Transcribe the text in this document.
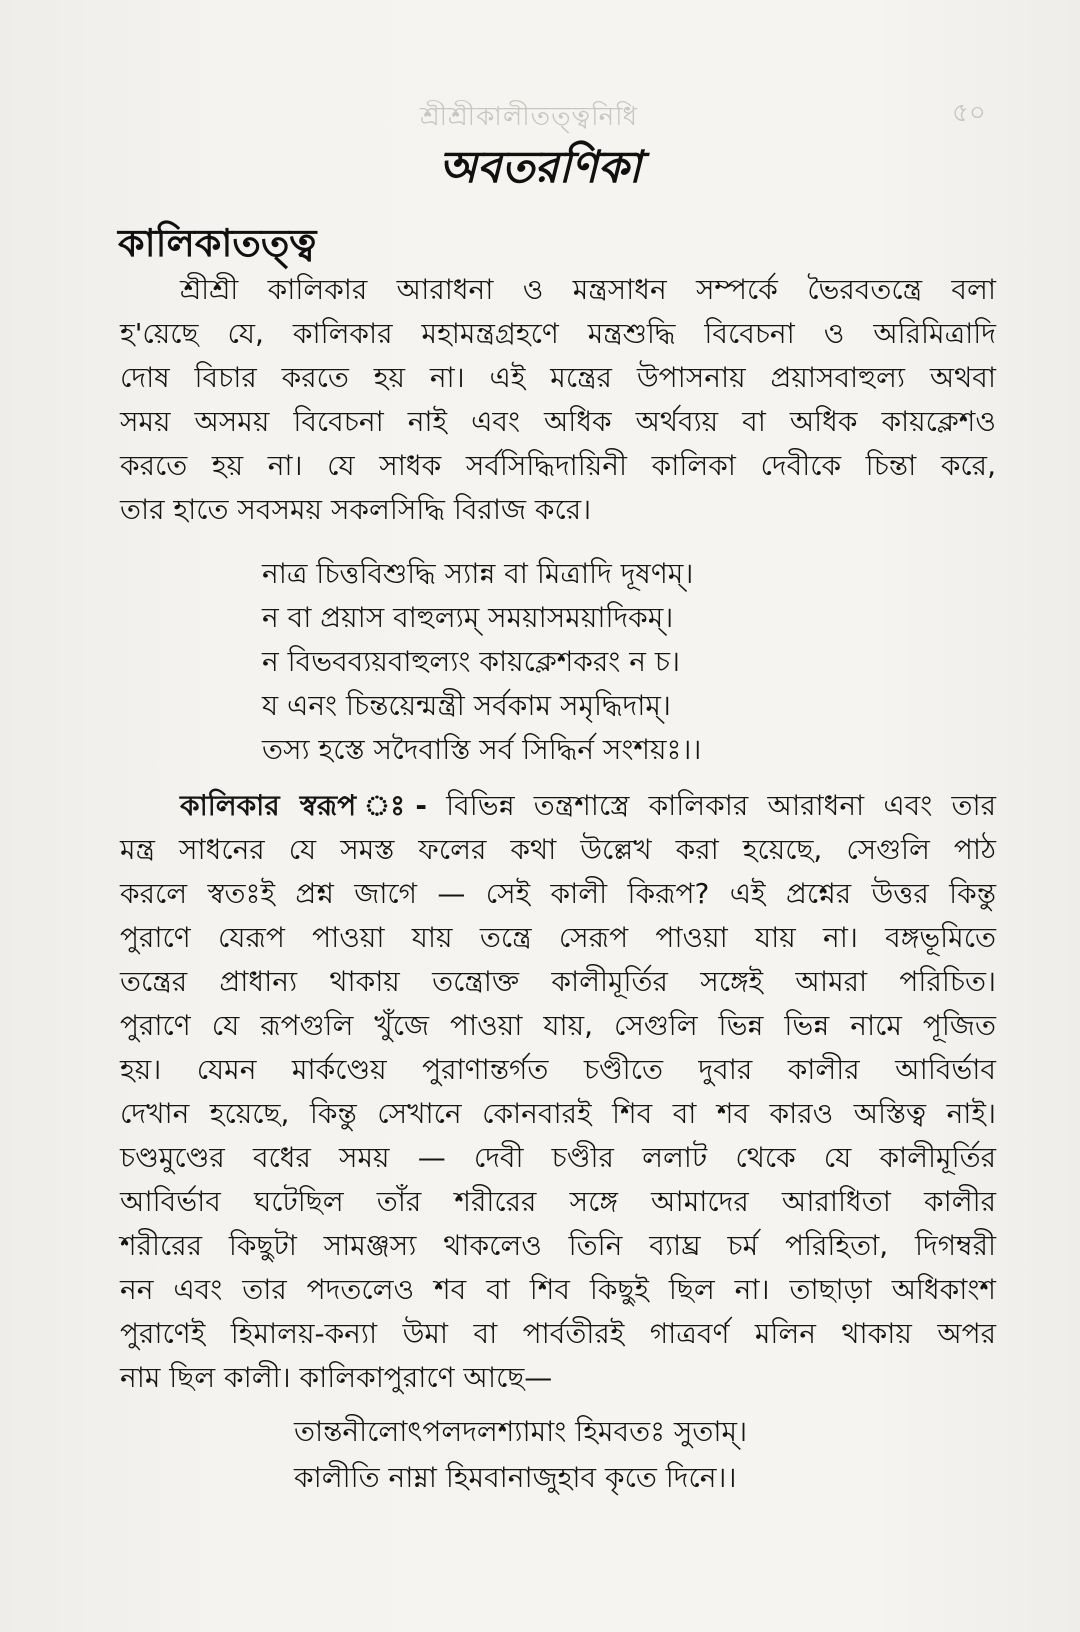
শ্রীশ্রীকালীতত্ত্বনিধি	৫০
অবতরণিকা
কালিকাতত্ত্ব
শ্রীশ্রী কালিকার আরাধনা ও মন্ত্রসাধন সম্পর্কে ভৈরবতন্ত্রে বলা
হ'য়েছে যে, কালিকার মহামন্ত্রগ্রহণে মন্ত্রশুদ্ধি বিবেচনা ও অরিমিত্রাদি
দোষ বিচার করতে হয় না। এই মন্ত্রের উপাসনায় প্রয়াসবাহুল্য অথবা
সময় অসময় বিবেচনা নাই এবং অধিক অর্থব্যয় বা অধিক কায়ক্লেশও
করতে হয় না। যে সাধক সর্বসিদ্ধিদায়িনী কালিকা দেবীকে চিন্তা করে,
তার হাতে সবসময় সকলসিদ্ধি বিরাজ করে।
নাত্র চিত্তবিশুদ্ধি স্যান্ন বা মিত্রাদি দূষণম্।
ন বা প্রয়াস বাহুল্যম্ সময়াসময়াদিকম্।
ন বিভবব্যয়বাহুল্যং কায়ক্লেশকরং ন চ।
য এনং চিন্তয়েন্মন্ত্রী সর্বকাম সমৃদ্ধিদাম্।
তস্য হস্তে সদৈবাস্তি সর্ব সিদ্ধির্ন সংশয়ঃ।।
কালিকার স্বরূপ ঃ- বিভিন্ন তন্ত্রশাস্ত্রে কালিকার আরাধনা এবং তার
মন্ত্র সাধনের যে সমস্ত ফলের কথা উল্লেখ করা হয়েছে, সেগুলি পাঠ
করলে স্বতঃই প্রশ্ন জাগে — সেই কালী কিরূপ? এই প্রশ্নের উত্তর কিন্তু
পুরাণে যেরূপ পাওয়া যায় তন্ত্রে সেরূপ পাওয়া যায় না। বঙ্গভূমিতে
তন্ত্রের প্রাধান্য থাকায় তন্ত্রোক্ত কালীমূর্তির সঙ্গেই আমরা পরিচিত।
পুরাণে যে রূপগুলি খুঁজে পাওয়া যায়, সেগুলি ভিন্ন ভিন্ন নামে পূজিত
হয়। যেমন মার্কণ্ডেয় পুরাণান্তর্গত চণ্ডীতে দুবার কালীর আবির্ভাব
দেখান হয়েছে, কিন্তু সেখানে কোনবারই শিব বা শব কারও অস্তিত্ব নাই।
চণ্ডমুণ্ডের বধের সময় — দেবী চণ্ডীর ললাট থেকে যে কালীমূর্তির
আবির্ভাব ঘটেছিল তাঁর শরীরের সঙ্গে আমাদের আরাধিতা কালীর
শরীরের কিছুটা সামঞ্জস্য থাকলেও তিনি ব্যাঘ্র চর্ম পরিহিতা, দিগম্বরী
নন এবং তার পদতলেও শব বা শিব কিছুই ছিল না। তাছাড়া অধিকাংশ
পুরাণেই হিমালয়-কন্যা উমা বা পার্বতীরই গাত্রবর্ণ মলিন থাকায় অপর
নাম ছিল কালী। কালিকাপুরাণে আছে—
তান্তনীলোৎপলদলশ্যামাং হিমবতঃ সুতাম্।
কালীতি নাম্না হিমবানাজুহাব কৃতে দিনে।।
